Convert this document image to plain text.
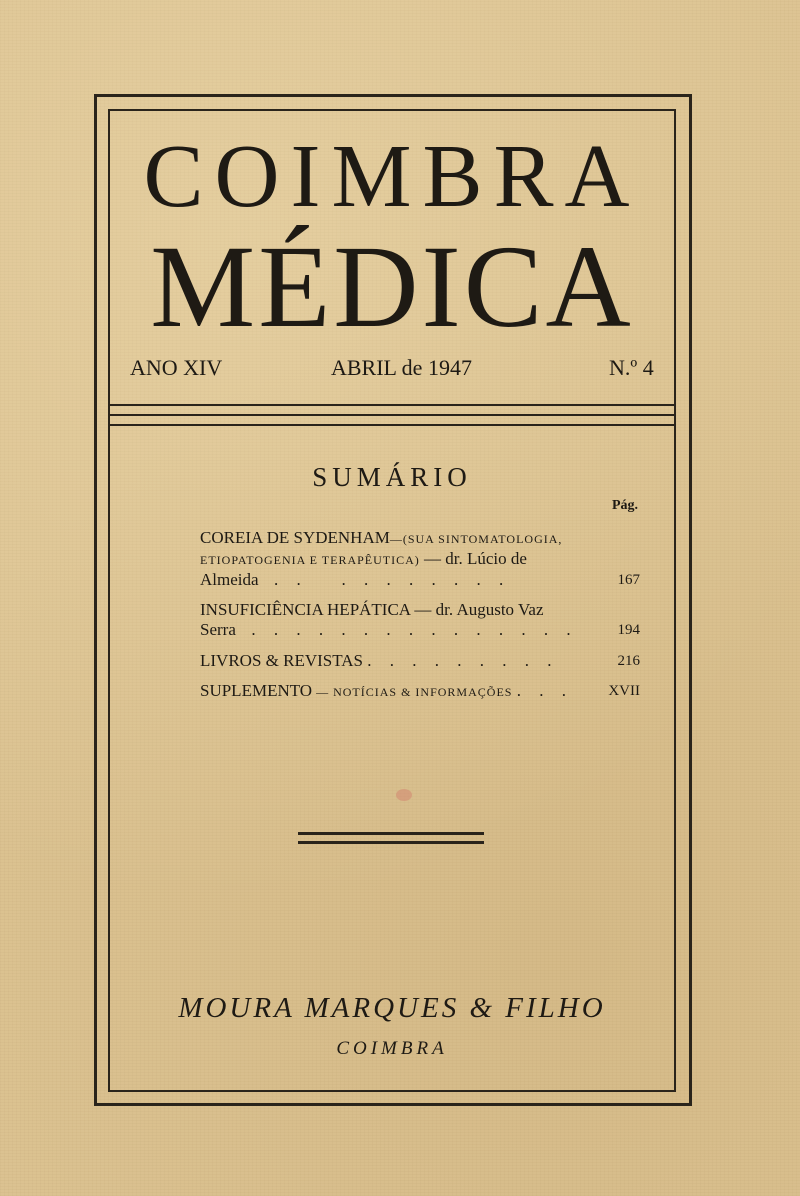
COIMBRA
MÉDICA
ANO XIV	ABRIL de 1947	N.º 4
SUMÁRIO
Pág.
COREIA DE SYDENHAM—(SUA SINTOMATOLOGIA,
ETIOPATOGENIA E TERAPÊUTICA) — dr. Lúcio de
Almeida  . .   . . . . . . . .	167
INSUFICIÊNCIA HEPÁTICA — dr. Augusto Vaz
Serra  . . . . . . . . . . . . . . .	194
LIVROS & REVISTAS . . . . . . . . .	216
SUPLEMENTO — NOTÍCIAS & INFORMAÇÕES . . . XVII
MOURA MARQUES & FILHO
COIMBRA
